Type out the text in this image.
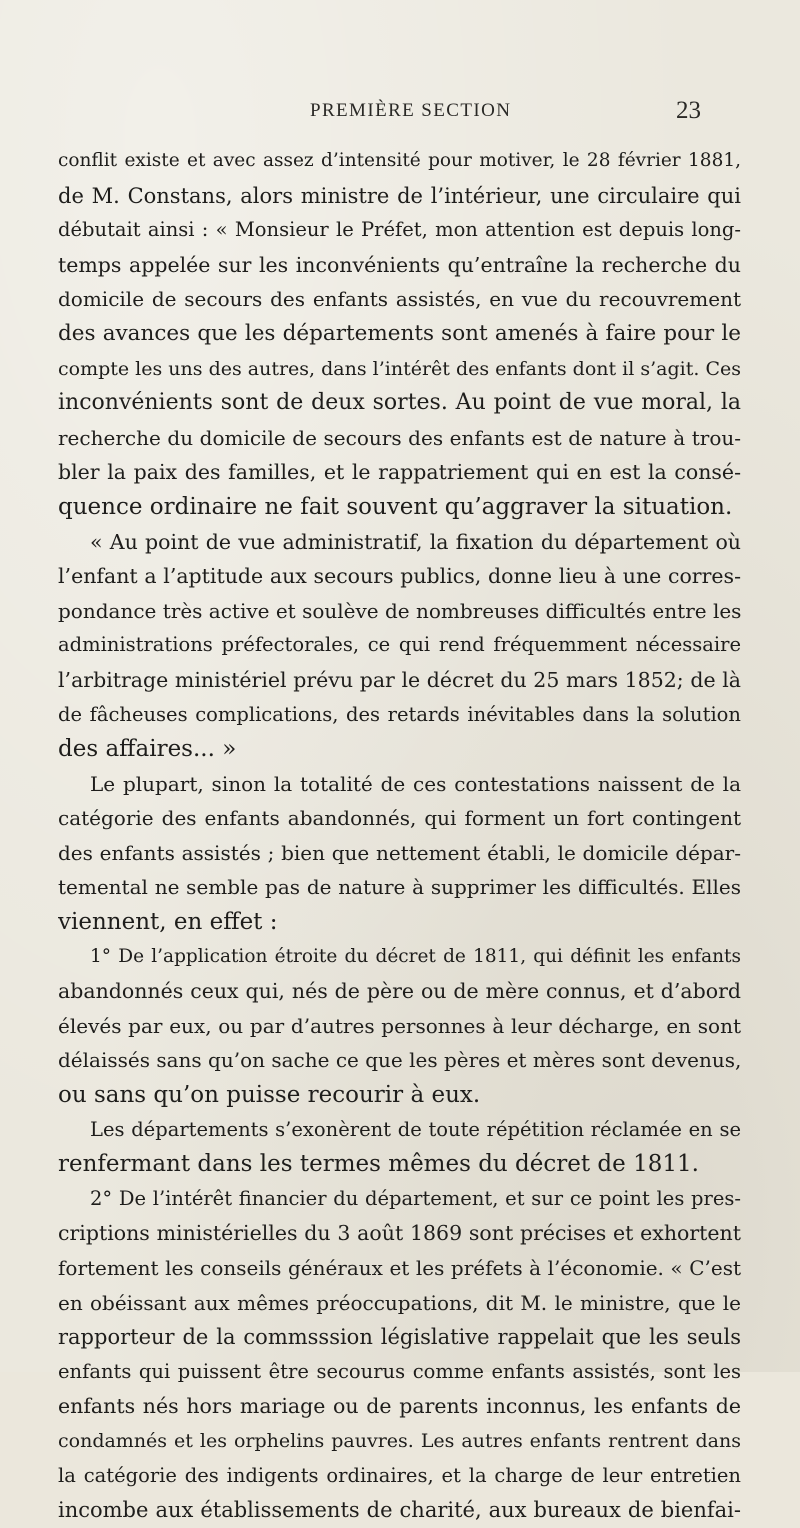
PREMIÈRE SECTION	23
conflit existe et avec assez d’intensité pour motiver, le 28 février 1881,
de M. Constans, alors ministre de l’intérieur, une circulaire qui
débutait ainsi : « Monsieur le Préfet, mon attention est depuis long-
temps appelée sur les inconvénients qu’entraîne la recherche du
domicile de secours des enfants assistés, en vue du recouvrement
des avances que les départements sont amenés à faire pour le
compte les uns des autres, dans l’intérêt des enfants dont il s’agit. Ces
inconvénients sont de deux sortes. Au point de vue moral, la
recherche du domicile de secours des enfants est de nature à trou-
bler la paix des familles, et le rappatriement qui en est la consé-
quence ordinaire ne fait souvent qu’aggraver la situation.
« Au point de vue administratif, la fixation du département où
l’enfant a l’aptitude aux secours publics, donne lieu à une corres-
pondance très active et soulève de nombreuses difficultés entre les
administrations préfectorales, ce qui rend fréquemment nécessaire
l’arbitrage ministériel prévu par le décret du 25 mars 1852; de là
de fâcheuses complications, des retards inévitables dans la solution
des affaires... »
Le plupart, sinon la totalité de ces contestations naissent de la
catégorie des enfants abandonnés, qui forment un fort contingent
des enfants assistés ; bien que nettement établi, le domicile dépar-
temental ne semble pas de nature à supprimer les difficultés. Elles
viennent, en effet :
1° De l’application étroite du décret de 1811, qui définit les enfants
abandonnés ceux qui, nés de père ou de mère connus, et d’abord
élevés par eux, ou par d’autres personnes à leur décharge, en sont
délaissés sans qu’on sache ce que les pères et mères sont devenus,
ou sans qu’on puisse recourir à eux.
Les départements s’exonèrent de toute répétition réclamée en se
renfermant dans les termes mêmes du décret de 1811.
2° De l’intérêt financier du département, et sur ce point les pres-
criptions ministérielles du 3 août 1869 sont précises et exhortent
fortement les conseils généraux et les préfets à l’économie. « C’est
en obéissant aux mêmes préoccupations, dit M. le ministre, que le
rapporteur de la commsssion législative rappelait que les seuls
enfants qui puissent être secourus comme enfants assistés, sont les
enfants nés hors mariage ou de parents inconnus, les enfants de
condamnés et les orphelins pauvres. Les autres enfants rentrent dans
la catégorie des indigents ordinaires, et la charge de leur entretien
incombe aux établissements de charité, aux bureaux de bienfai-
